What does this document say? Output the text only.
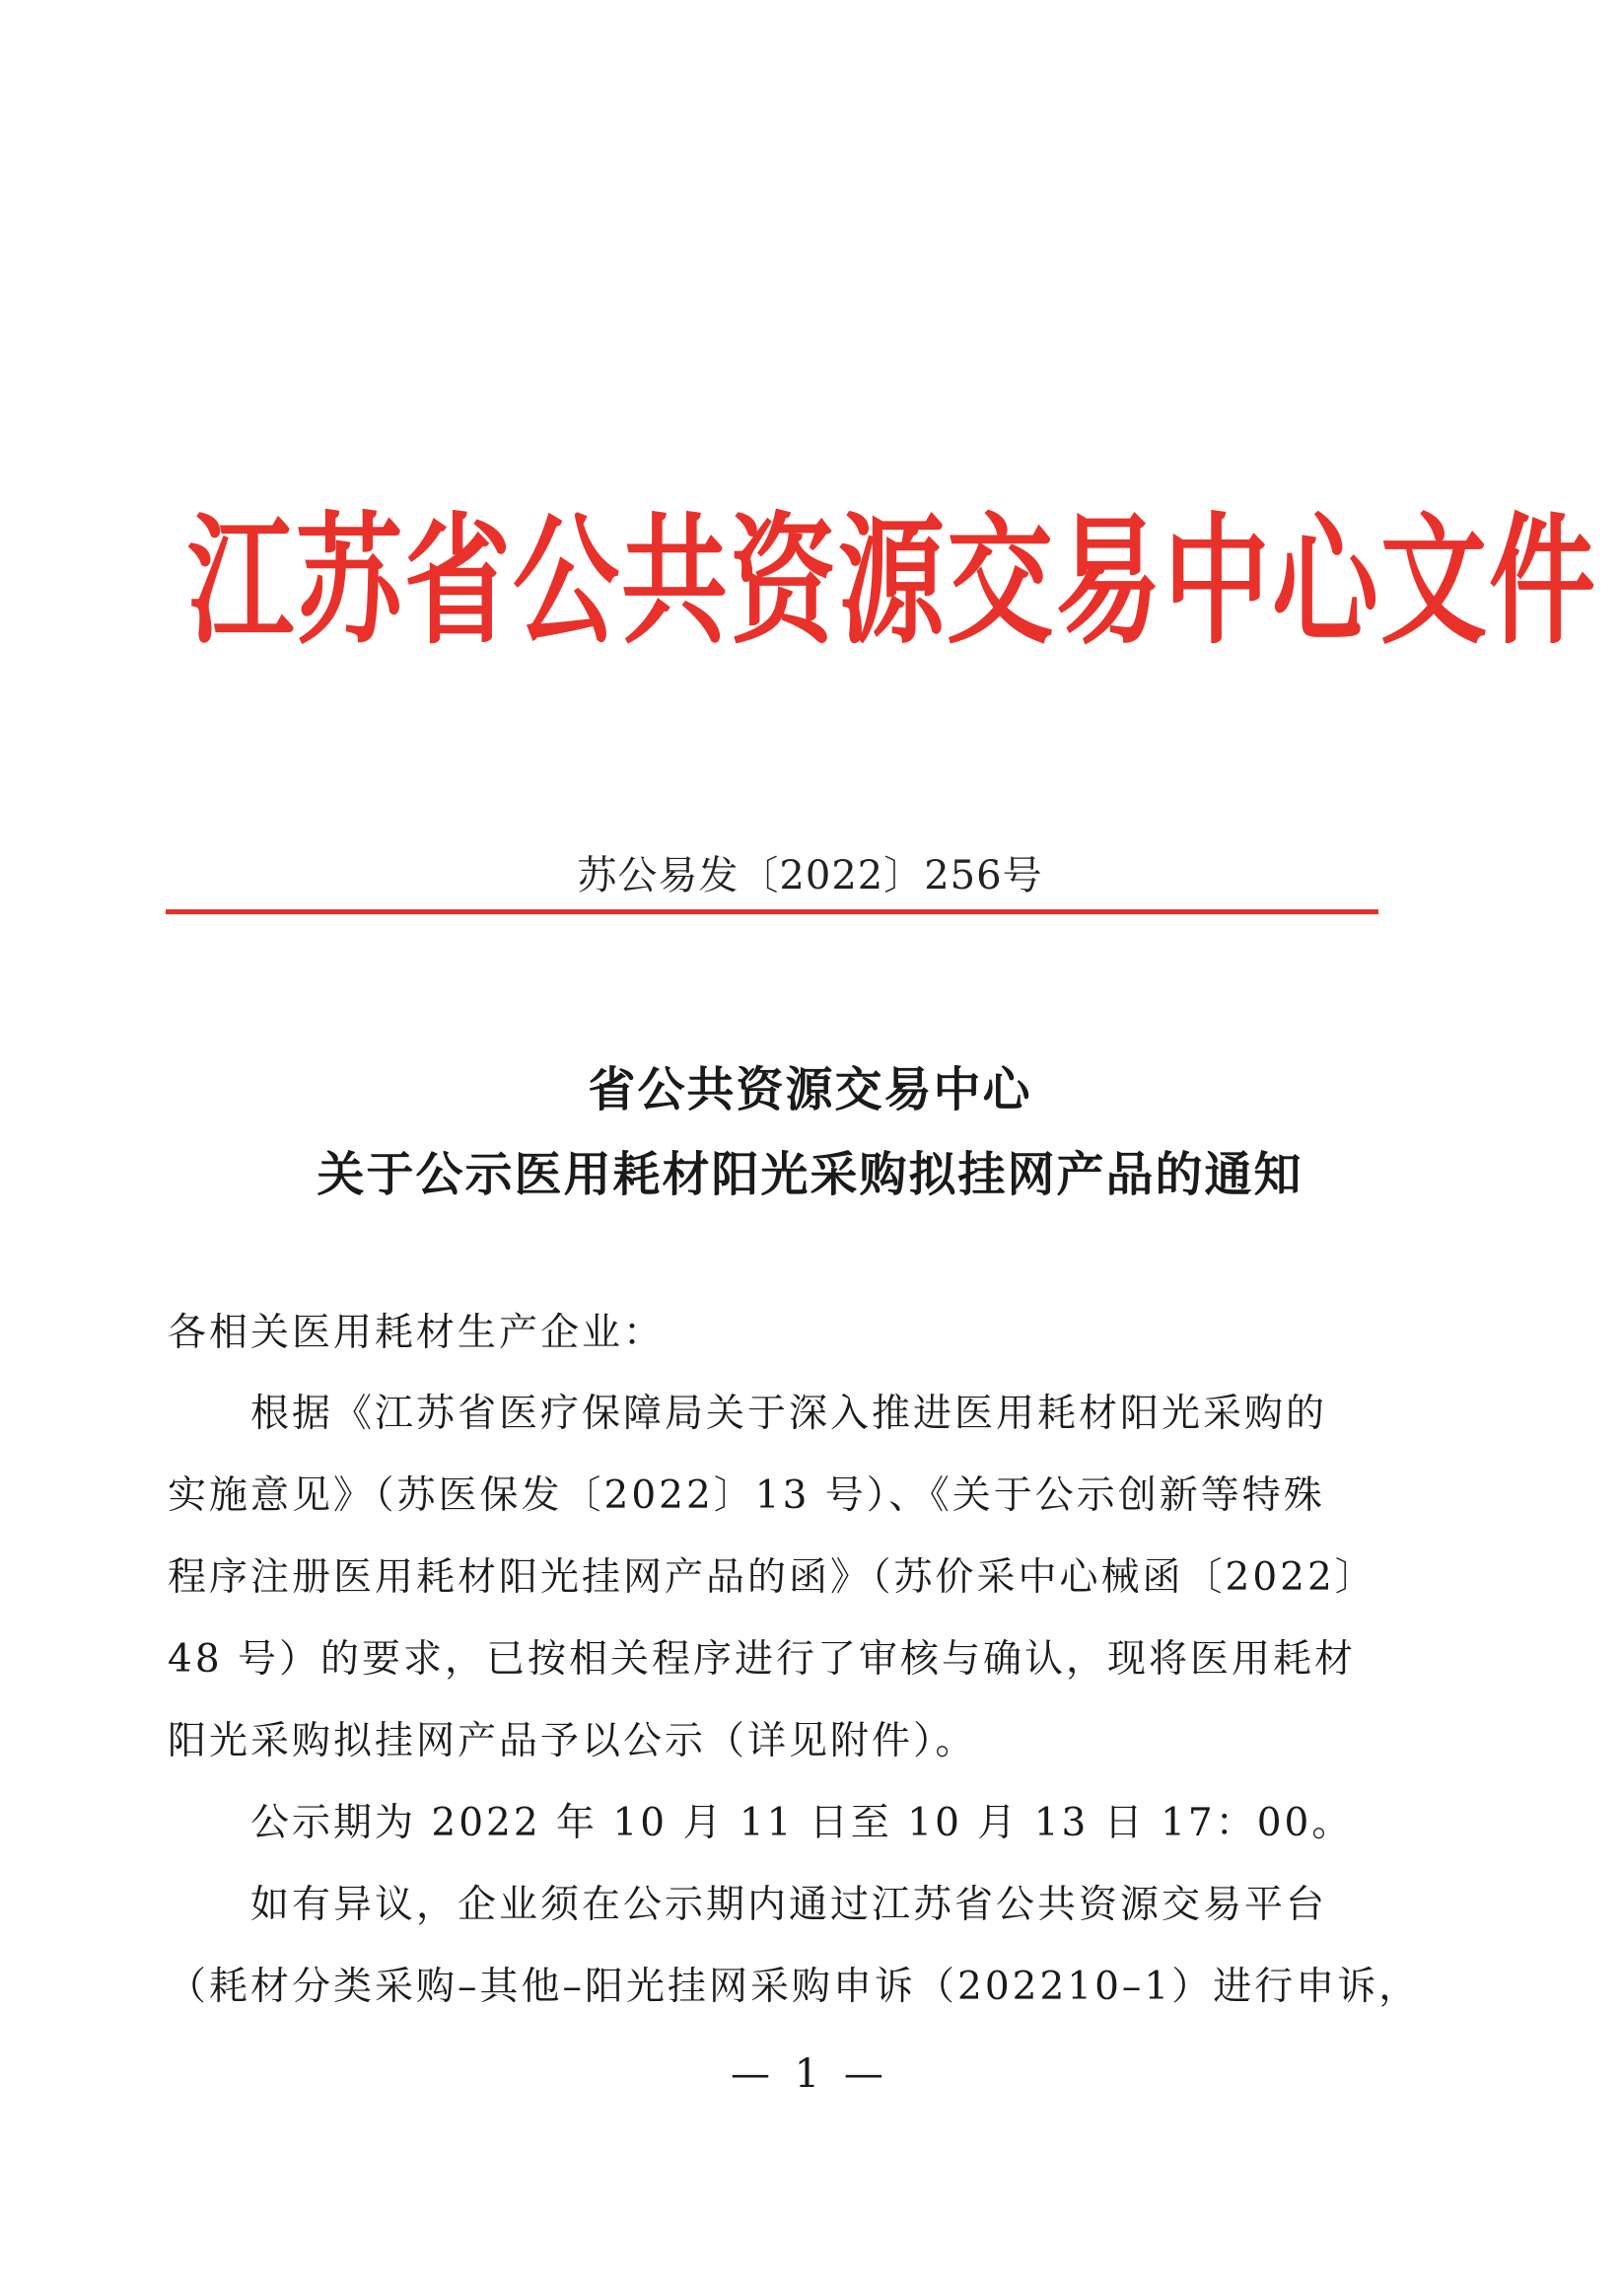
江苏省公共资源交易中心文件
苏公易发〔2022〕256号
省公共资源交易中心
关于公示医用耗材阳光采购拟挂网产品的通知
各相关医用耗材生产企业：
根据《江苏省医疗保障局关于深入推进医用耗材阳光采购的
实施意见》（苏医保发〔2022〕13 号）、《关于公示创新等特殊
程序注册医用耗材阳光挂网产品的函》（苏价采中心械函〔2022〕
48 号）的要求，已按相关程序进行了审核与确认，现将医用耗材
阳光采购拟挂网产品予以公示（详见附件）。
公示期为 2022 年 10 月 11 日至 10 月 13 日 17：00。
如有异议，企业须在公示期内通过江苏省公共资源交易平台
（耗材分类采购–其他–阳光挂网采购申诉（202210–1）进行申诉，
— 1 —
